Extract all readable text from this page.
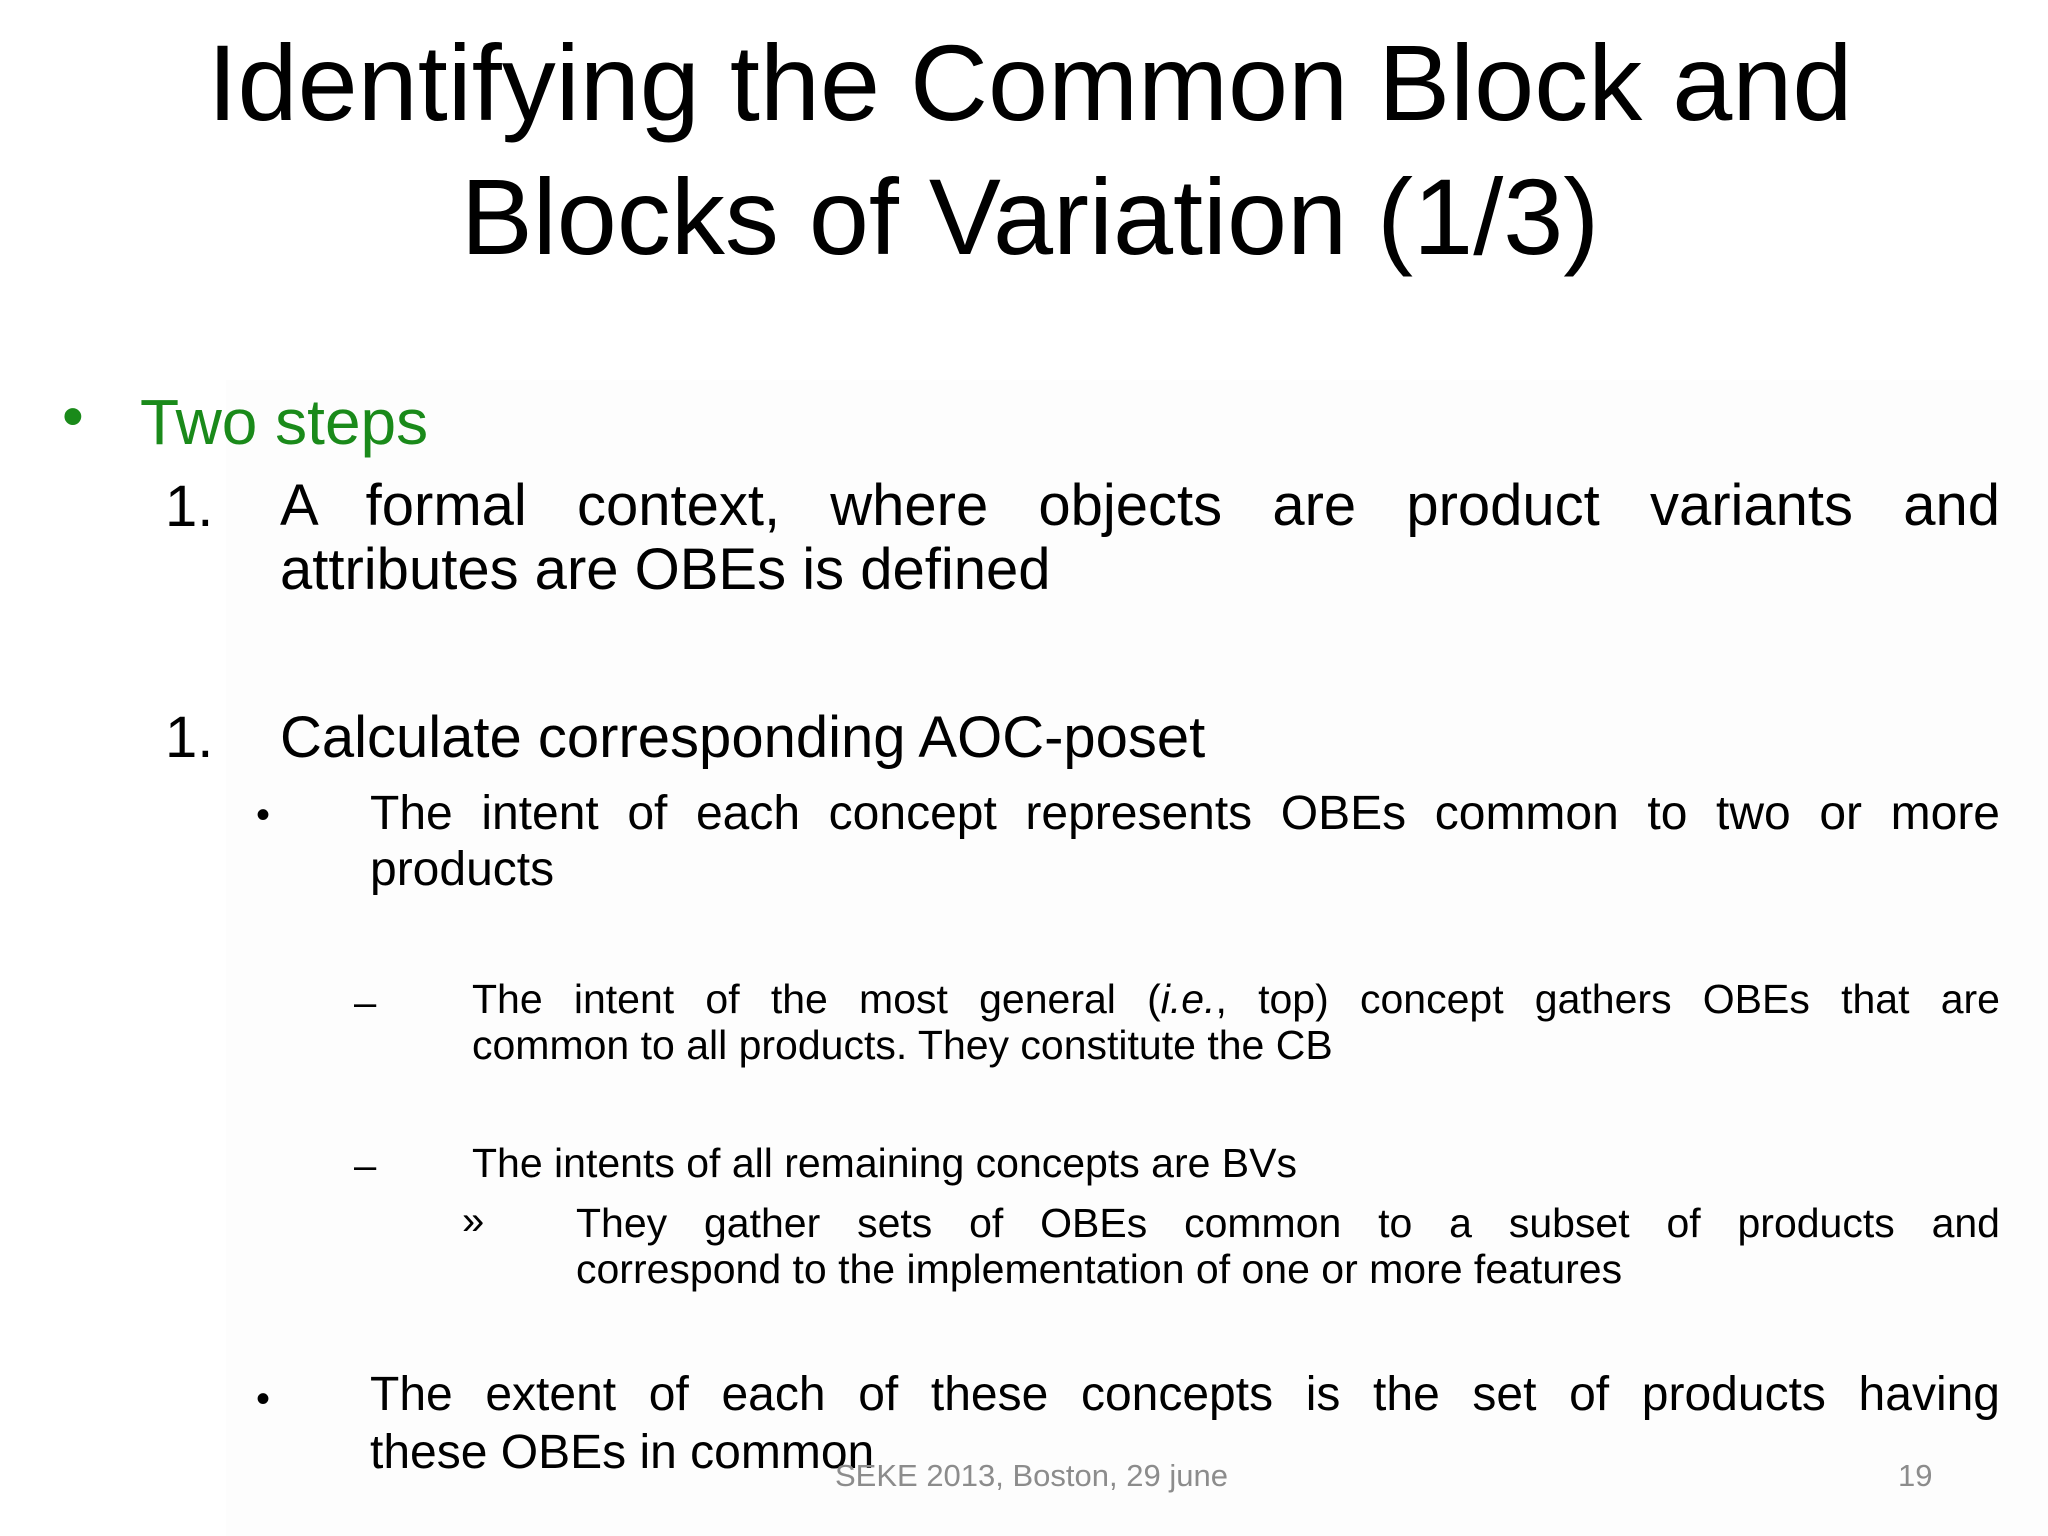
Identifying the Common Block and
Blocks of Variation (1/3)
• Two steps
1. A formal context, where objects are product variants and
attributes are OBEs is defined
1. Calculate corresponding AOC-poset
• The intent of each concept represents OBEs common to two or more
products
– The intent of the most general (i.e., top) concept gathers OBEs that are
common to all products. They constitute the CB
– The intents of all remaining concepts are BVs
» They gather sets of OBEs common to a subset of products and
correspond to the implementation of one or more features
• The extent of each of these concepts is the set of products having
these OBEs in common
SEKE 2013, Boston, 29 june	19
